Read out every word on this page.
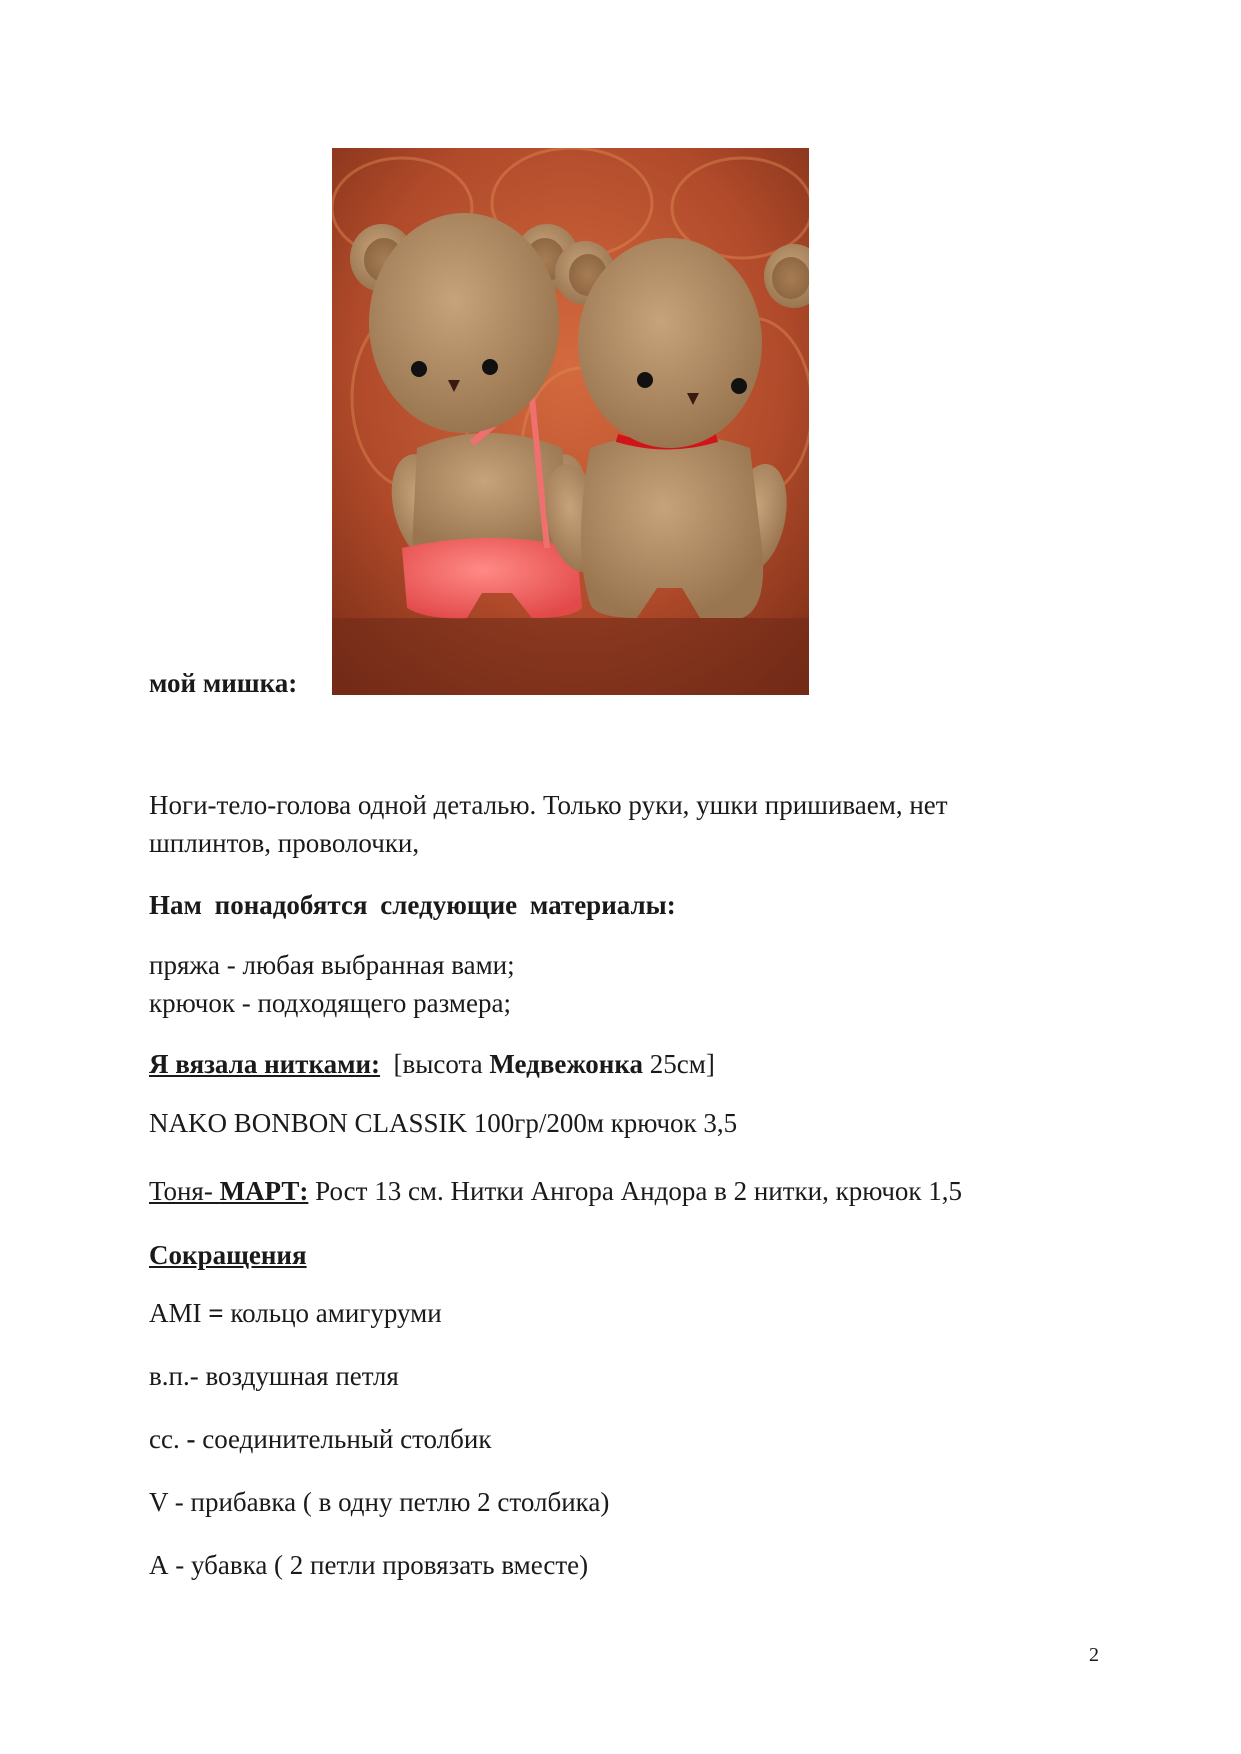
мой мишка:
Ноги-тело-голова одной деталью. Только руки, ушки пришиваем, нет
шплинтов, проволочки,
Нам понадобятся следующие материалы:
пряжа - любая выбранная вами;
крючок - подходящего размера;
Я вязала нитками: [высота Медвежонка 25см]
NAKO BONBON CLASSIK 100гр/200м крючок 3,5
Тоня- МАРТ: Рост 13 см. Нитки Ангора Андора в 2 нитки, крючок 1,5
Сокращения
AMI = кольцо амигуруми
в.п.- воздушная петля
сс. - соединительный столбик
V - прибавка ( в одну петлю 2 столбика)
А - убавка ( 2 петли провязать вместе)
2
